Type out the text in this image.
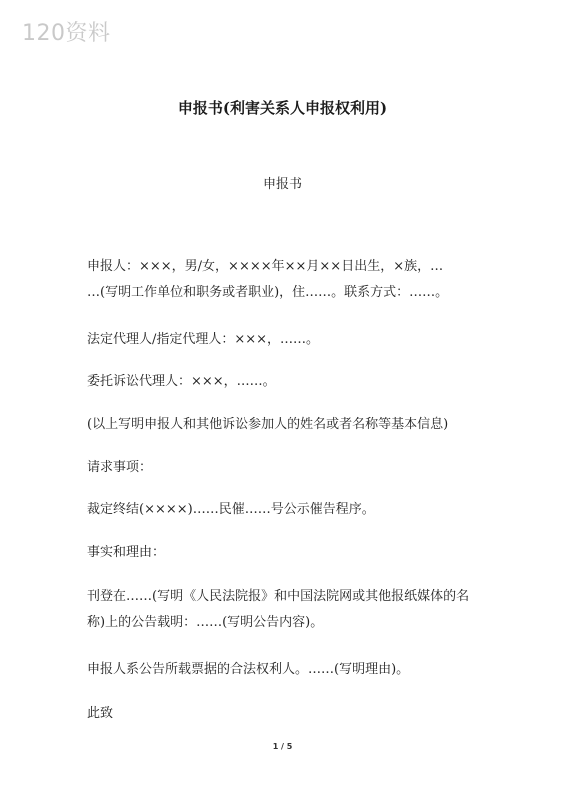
120资料
申报书(利害关系人申报权利用)
申报书
申报人：×××，男/女，××××年××月××日出生，×族，…
…(写明工作单位和职务或者职业)，住……。联系方式：……。
法定代理人/指定代理人：×××，……。
委托诉讼代理人：×××，……。
(以上写明申报人和其他诉讼参加人的姓名或者名称等基本信息)
请求事项：
裁定终结(××××)……民催……号公示催告程序。
事实和理由：
刊登在……(写明《人民法院报》和中国法院网或其他报纸媒体的名
称)上的公告载明：……(写明公告内容)。
申报人系公告所载票据的合法权利人。……(写明理由)。
此致
1 / 5
